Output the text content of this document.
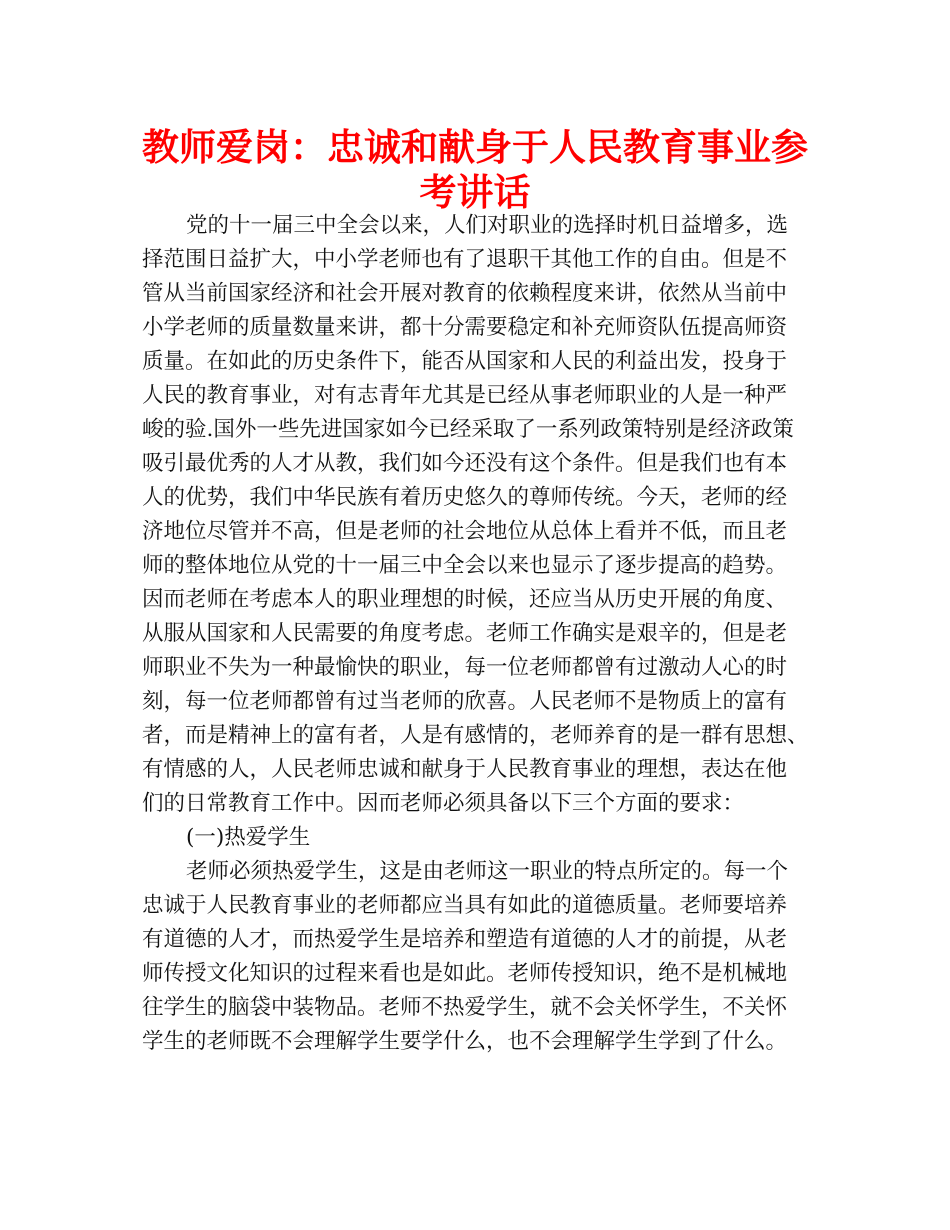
教师爱岗：忠诚和献身于人民教育事业参
考讲话
党的十一届三中全会以来，人们对职业的选择时机日益增多，选
择范围日益扩大，中小学老师也有了退职干其他工作的自由。但是不
管从当前国家经济和社会开展对教育的依赖程度来讲，依然从当前中
小学老师的质量数量来讲，都十分需要稳定和补充师资队伍提高师资
质量。在如此的历史条件下，能否从国家和人民的利益出发，投身于
人民的教育事业，对有志青年尤其是已经从事老师职业的人是一种严
峻的验.国外一些先进国家如今已经采取了一系列政策特别是经济政策
吸引最优秀的人才从教，我们如今还没有这个条件。但是我们也有本
人的优势，我们中华民族有着历史悠久的尊师传统。今天，老师的经
济地位尽管并不高，但是老师的社会地位从总体上看并不低，而且老
师的整体地位从党的十一届三中全会以来也显示了逐步提高的趋势。
因而老师在考虑本人的职业理想的时候，还应当从历史开展的角度、
从服从国家和人民需要的角度考虑。老师工作确实是艰辛的，但是老
师职业不失为一种最愉快的职业，每一位老师都曾有过激动人心的时
刻，每一位老师都曾有过当老师的欣喜。人民老师不是物质上的富有
者，而是精神上的富有者，人是有感情的，老师养育的是一群有思想、
有情感的人，人民老师忠诚和献身于人民教育事业的理想，表达在他
们的日常教育工作中。因而老师必须具备以下三个方面的要求：
(一)热爱学生
老师必须热爱学生，这是由老师这一职业的特点所定的。每一个
忠诚于人民教育事业的老师都应当具有如此的道德质量。老师要培养
有道德的人才，而热爱学生是培养和塑造有道德的人才的前提，从老
师传授文化知识的过程来看也是如此。老师传授知识，绝不是机械地
往学生的脑袋中装物品。老师不热爱学生，就不会关怀学生，不关怀
学生的老师既不会理解学生要学什么，也不会理解学生学到了什么。
